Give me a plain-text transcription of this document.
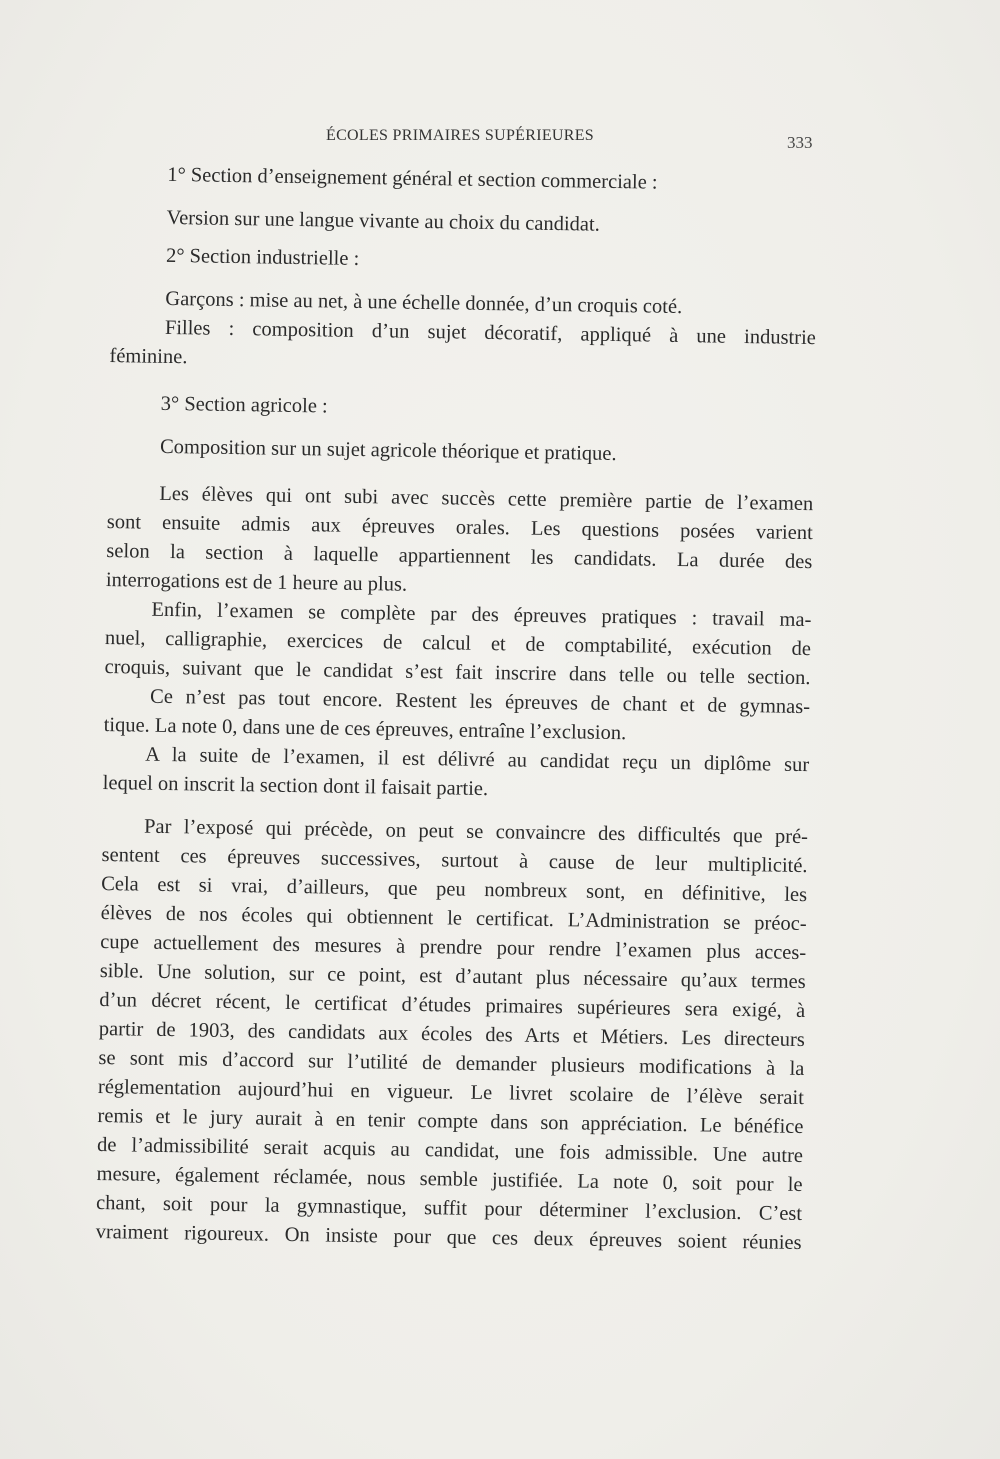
ÉCOLES PRIMAIRES SUPÉRIEURES	333

1° Section d’enseignement général et section commerciale :

Version sur une langue vivante au choix du candidat.

2° Section industrielle :

Garçons : mise au net, à une échelle donnée, d’un croquis coté.

Filles : composition d’un sujet décoratif, appliqué à une industrie

féminine.

3° Section agricole :

Composition sur un sujet agricole théorique et pratique.

Les élèves qui ont subi avec succès cette première partie de l’examen

sont ensuite admis aux épreuves orales. Les questions posées varient

selon la section à laquelle appartiennent les candidats. La durée des

interrogations est de 1 heure au plus.

Enfin, l’examen se complète par des épreuves pratiques : travail ma-

nuel, calligraphie, exercices de calcul et de comptabilité, exécution de

croquis, suivant que le candidat s’est fait inscrire dans telle ou telle section.

Ce n’est pas tout encore. Restent les épreuves de chant et de gymnas-

tique. La note 0, dans une de ces épreuves, entraîne l’exclusion.

A la suite de l’examen, il est délivré au candidat reçu un diplôme sur

lequel on inscrit la section dont il faisait partie.

Par l’exposé qui précède, on peut se convaincre des difficultés que pré-

sentent ces épreuves successives, surtout à cause de leur multiplicité.

Cela est si vrai, d’ailleurs, que peu nombreux sont, en définitive, les

élèves de nos écoles qui obtiennent le certificat. L’Administration se préoc-

cupe actuellement des mesures à prendre pour rendre l’examen plus acces-

sible. Une solution, sur ce point, est d’autant plus nécessaire qu’aux termes

d’un décret récent, le certificat d’études primaires supérieures sera exigé, à

partir de 1903, des candidats aux écoles des Arts et Métiers. Les directeurs

se sont mis d’accord sur l’utilité de demander plusieurs modifications à la

réglementation aujourd’hui en vigueur. Le livret scolaire de l’élève serait

remis et le jury aurait à en tenir compte dans son appréciation. Le bénéfice

de l’admissibilité serait acquis au candidat, une fois admissible. Une autre

mesure, également réclamée, nous semble justifiée. La note 0, soit pour le

chant, soit pour la gymnastique, suffit pour déterminer l’exclusion. C’est

vraiment rigoureux. On insiste pour que ces deux épreuves soient réunies
